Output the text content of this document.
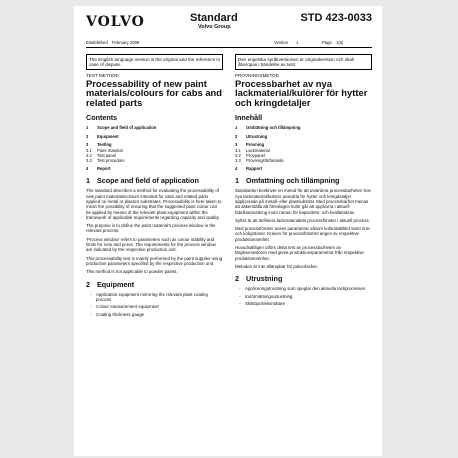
VOLVO	Standard
Volvo Group
STD 423-0033
Established February 2008	Version 1	Page 1(5)
The English language version is the original and the reference in case of dispute.
TEST METHOD
Processability of new paint materials/colours for cabs and related parts
Contents
1	Scope and field of application
2	Equipment
3	Testing
3.1	Paint material
3.2	Test panel
3.3	Test procedure
4	Report
1 Scope and field of application
The standard describes a method for evaluating the processability of new paint materials/colours intended for cabs and related parts applied on metal or plastics substrates. Processability is here taken to mean the possibility of ensuring that the suggested paint colour can be applied by means of the relevant plant equipment within the framework of applicable requirements regarding capacity and quality.
The purpose is to define the paint material's process window in the relevant process.
'Process window' refers to parameters such as colour stability and limits for runs and pores. The requirements for the process window are indicated by the respective production unit.
This processability test is mainly performed by the paint supplier using production parameters specified by the respective production unit.
This method is not applicable to powder paints.
2 Equipment
- Application equipment mirroring the relevant plant coating process
- Colour measurement equipment
- Coating thickness gauge
Den engelska språkversionen är originalversion och skall åberopas i händelse av tvist.
PROVNINGSMETOD
Processbarhet av nya lackmaterial/kulörer för hytter och kringdetaljer
Innehåll
1	Omfattning och tillämpning
2	Utrustning
3	Provning
3.1	Lackmaterial
3.2	Provpanel
3.3	Provningsförfarande
4	Rapport
1 Omfattning och tillämpning
Standarden beskriver en metod för att utvärdera processbarheten hos nya lackmaterial/kulörer avsedda för hytter och kringdetaljer applicerade på metall- eller plastsubstrat. Med processbarhet menas att säkerställa att föreslagen kulör går att applicera i aktuell fabriksutrustning inom ramen för kapacitets- och kvalitetskrav.
Syftet är att definiera lackmaterialets processfönster i aktuell process.
Med processfönster avses parametrar såsom kulörstabilitet samt rinn- och kokgränser. Kraven för processfönstret anges av respektive produktionsenhet.
Huvudsakligen utförs detta test av processbarheten av färgleverantören med givna produktionsparametrar från respektive produktionsenhet.
Metoden är inte tillämpbar för pulverlacker.
2 Utrustning
- Appliceringutrustning som speglar den aktuella lackprocessen
- Kulörmätningsutrustning
- Skikttjockleksmätare
